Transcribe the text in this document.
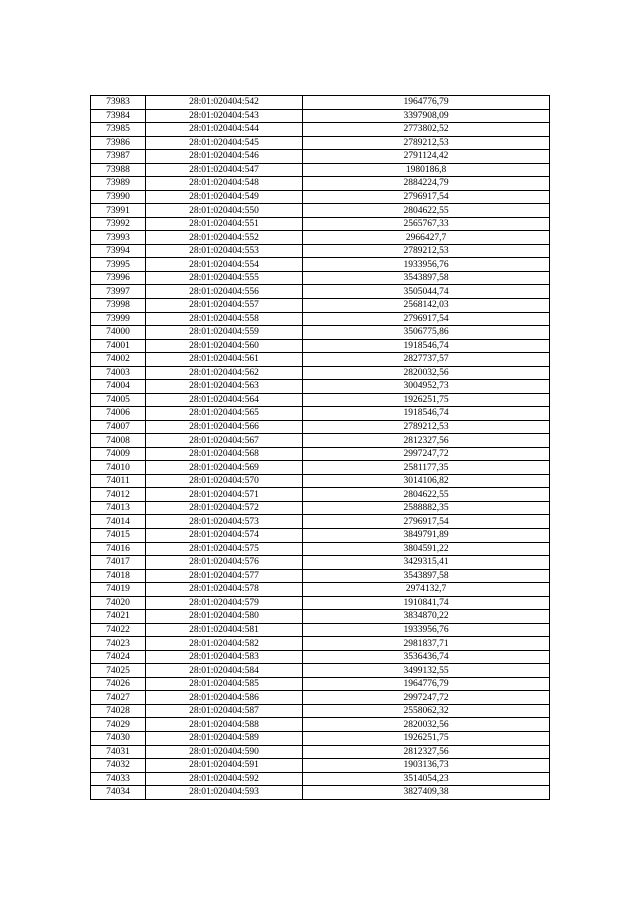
73983	28:01:020404:542	1964776,79
73984	28:01:020404:543	3397908,09
73985	28:01:020404:544	2773802,52
73986	28:01:020404:545	2789212,53
73987	28:01:020404:546	2791124,42
73988	28:01:020404:547	1980186,8
73989	28:01:020404:548	2884224,79
73990	28:01:020404:549	2796917,54
73991	28:01:020404:550	2804622,55
73992	28:01:020404:551	2565767,33
73993	28:01:020404:552	2966427,7
73994	28:01:020404:553	2789212,53
73995	28:01:020404:554	1933956,76
73996	28:01:020404:555	3543897,58
73997	28:01:020404:556	3505044,74
73998	28:01:020404:557	2568142,03
73999	28:01:020404:558	2796917,54
74000	28:01:020404:559	3506775,86
74001	28:01:020404:560	1918546,74
74002	28:01:020404:561	2827737,57
74003	28:01:020404:562	2820032,56
74004	28:01:020404:563	3004952,73
74005	28:01:020404:564	1926251,75
74006	28:01:020404:565	1918546,74
74007	28:01:020404:566	2789212,53
74008	28:01:020404:567	2812327,56
74009	28:01:020404:568	2997247,72
74010	28:01:020404:569	2581177,35
74011	28:01:020404:570	3014106,82
74012	28:01:020404:571	2804622,55
74013	28:01:020404:572	2588882,35
74014	28:01:020404:573	2796917,54
74015	28:01:020404:574	3849791,89
74016	28:01:020404:575	3804591,22
74017	28:01:020404:576	3429315,41
74018	28:01:020404:577	3543897,58
74019	28:01:020404:578	2974132,7
74020	28:01:020404:579	1910841,74
74021	28:01:020404:580	3834870,22
74022	28:01:020404:581	1933956,76
74023	28:01:020404:582	2981837,71
74024	28:01:020404:583	3536436,74
74025	28:01:020404:584	3499132,55
74026	28:01:020404:585	1964776,79
74027	28:01:020404:586	2997247,72
74028	28:01:020404:587	2558062,32
74029	28:01:020404:588	2820032,56
74030	28:01:020404:589	1926251,75
74031	28:01:020404:590	2812327,56
74032	28:01:020404:591	1903136,73
74033	28:01:020404:592	3514054,23
74034	28:01:020404:593	3827409,38
